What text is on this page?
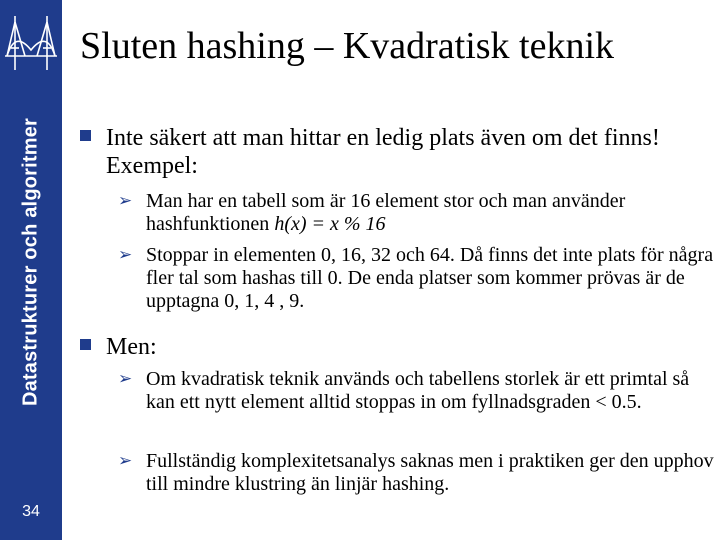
Datastrukturer och algoritmer
34
Sluten hashing – Kvadratisk teknik
Inte säkert att man hittar en ledig plats även om det finns! Exempel:
➢ Man har en tabell som är 16 element stor och man använder hashfunktionen h(x) = x % 16
➢ Stoppar in elementen 0, 16, 32 och 64. Då finns det inte plats för några fler tal som hashas till 0. De enda platser som kommer prövas är de upptagna 0, 1, 4 , 9.
Men:
➢ Om kvadratisk teknik används och tabellens storlek är ett primtal så kan ett nytt element alltid stoppas in om fyllnadsgraden < 0.5.
➢ Fullständig komplexitetsanalys saknas men i praktiken ger den upphov till mindre klustring än linjär hashing.
